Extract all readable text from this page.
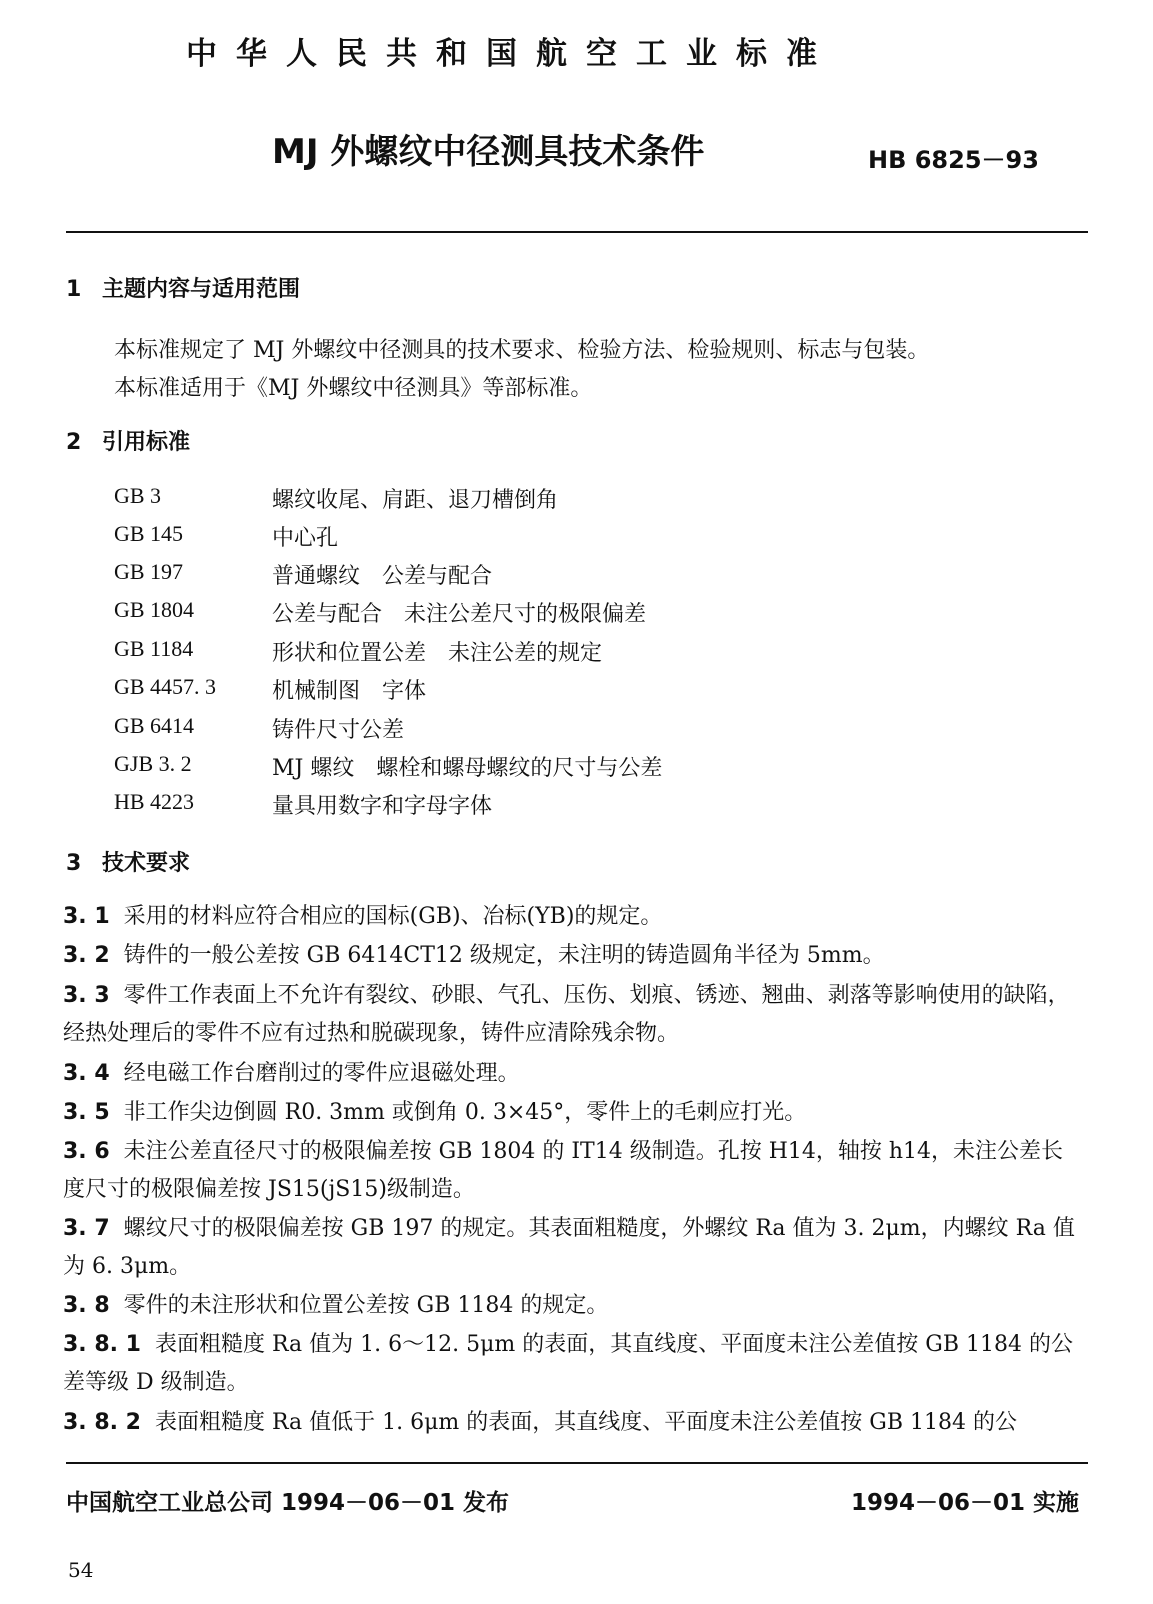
中华人民共和国航空工业标准
MJ 外螺纹中径测具技术条件	HB 6825－93
1 主题内容与适用范围
本标准规定了 MJ 外螺纹中径测具的技术要求、检验方法、检验规则、标志与包装。
本标准适用于《MJ 外螺纹中径测具》等部标准。
2 引用标准
GB 3	螺纹收尾、肩距、退刀槽倒角
GB 145	中心孔
GB 197	普通螺纹　公差与配合
GB 1804	公差与配合　未注公差尺寸的极限偏差
GB 1184	形状和位置公差　未注公差的规定
GB 4457. 3	机械制图　字体
GB 6414	铸件尺寸公差
GJB 3. 2	MJ 螺纹　螺栓和螺母螺纹的尺寸与公差
HB 4223	量具用数字和字母字体
3 技术要求
3. 1 采用的材料应符合相应的国标(GB)、冶标(YB)的规定。
3. 2 铸件的一般公差按 GB 6414CT12 级规定，未注明的铸造圆角半径为 5mm。
3. 3 零件工作表面上不允许有裂纹、砂眼、气孔、压伤、划痕、锈迹、翘曲、剥落等影响使用的缺陷，经热处理后的零件不应有过热和脱碳现象，铸件应清除残余物。
3. 4 经电磁工作台磨削过的零件应退磁处理。
3. 5 非工作尖边倒圆 R0. 3mm 或倒角 0. 3×45°，零件上的毛刺应打光。
3. 6 未注公差直径尺寸的极限偏差按 GB 1804 的 IT14 级制造。孔按 H14，轴按 h14，未注公差长度尺寸的极限偏差按 JS15(jS15)级制造。
3. 7 螺纹尺寸的极限偏差按 GB 197 的规定。其表面粗糙度，外螺纹 Ra 值为 3. 2μm，内螺纹 Ra 值为 6. 3μm。
3. 8 零件的未注形状和位置公差按 GB 1184 的规定。
3. 8. 1 表面粗糙度 Ra 值为 1. 6～12. 5μm 的表面，其直线度、平面度未注公差值按 GB 1184 的公差等级 D 级制造。
3. 8. 2 表面粗糙度 Ra 值低于 1. 6μm 的表面，其直线度、平面度未注公差值按 GB 1184 的公
中国航空工业总公司 1994－06－01 发布	1994－06－01 实施
54
